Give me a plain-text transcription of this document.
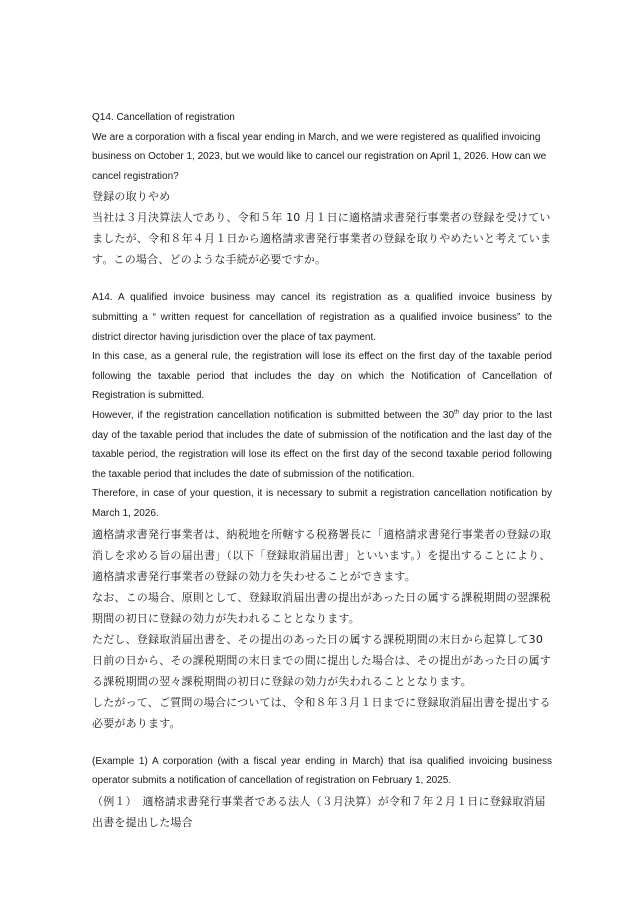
Q14. Cancellation of registration

We are a corporation with a fiscal year ending in March, and we were registered as qualified invoicing business on October 1, 2023, but we would like to cancel our registration on April 1, 2026. How can we cancel registration?

登録の取りやめ

当社は３月決算法人であり、令和５年 10 月１日に適格請求書発行事業者の登録を受けていましたが、令和８年４月１日から適格請求書発行事業者の登録を取りやめたいと考えています。この場合、どのような手続が必要ですか。

A14. A qualified invoice business may cancel its registration as a qualified invoice business by submitting a “ written request for cancellation of registration as a qualified invoice business” to the district director having jurisdiction over the place of tax payment.

In this case, as a general rule, the registration will lose its effect on the first day of the taxable period following the taxable period that includes the day on which the Notification of Cancellation of Registration is submitted.

However, if the registration cancellation notification is submitted between the 30th day prior to the last day of the taxable period that includes the date of submission of the notification and the last day of the taxable period, the registration will lose its effect on the first day of the second taxable period following the taxable period that includes the date of submission of the notification.

Therefore, in case of your question, it is necessary to submit a registration cancellation notification by March 1, 2026.

適格請求書発行事業者は、納税地を所轄する税務署長に「適格請求書発行事業者の登録の取消しを求める旨の届出書」（以下「登録取消届出書」といいます。）を提出することにより、適格請求書発行事業者の登録の効力を失わせることができます。

なお、この場合、原則として、登録取消届出書の提出があった日の属する課税期間の翌課税期間の初日に登録の効力が失われることとなります。

ただし、登録取消届出書を、その提出のあった日の属する課税期間の末日から起算して30日前の日から、その課税期間の末日までの間に提出した場合は、その提出があった日の属する課税期間の翌々課税期間の初日に登録の効力が失われることとなります。

したがって、ご質問の場合については、令和８年３月１日までに登録取消届出書を提出する必要があります。

(Example 1) A corporation (with a fiscal year ending in March) that isa qualified invoicing business operator submits a notification of cancellation of registration on February 1, 2025.

（例１）　適格請求書発行事業者である法人（３月決算）が令和７年２月１日に登録取消届出書を提出した場合
